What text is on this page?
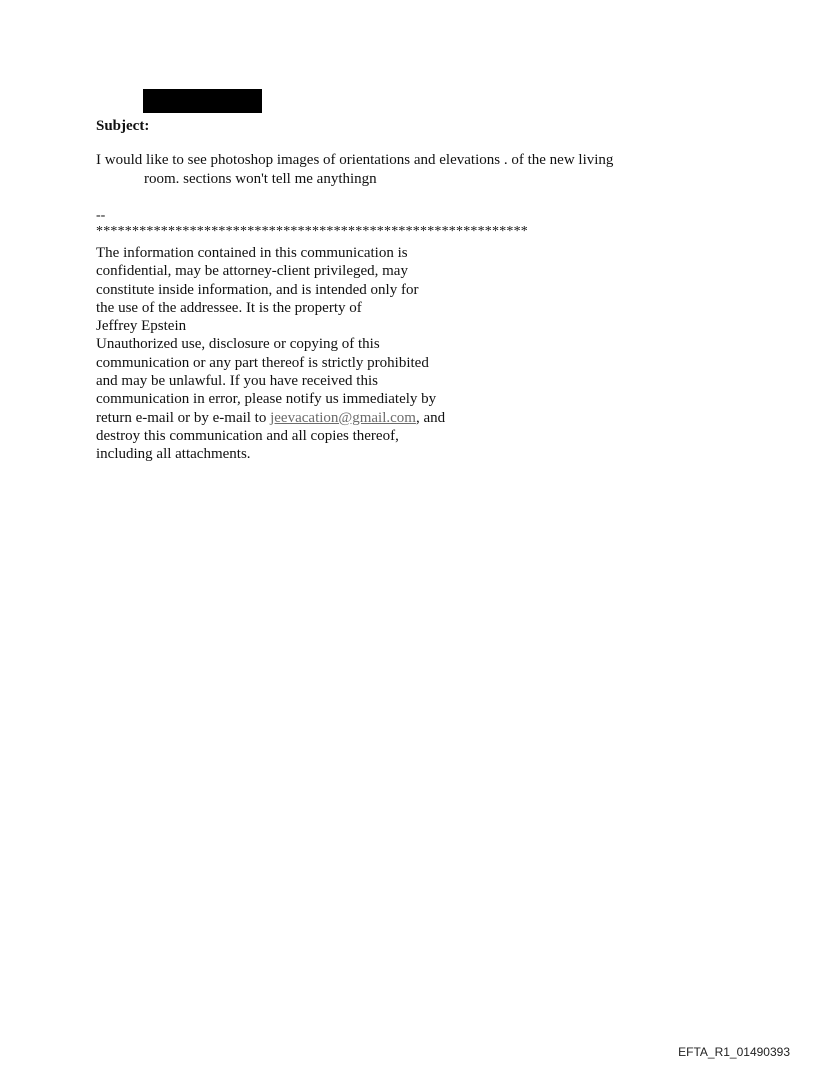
Subject:
I would like to see photoshop images of orientations and elevations . of the new living
room. sections won't tell me anythingn
--
************************************************************
The information contained in this communication is
confidential, may be attorney-client privileged, may
constitute inside information, and is intended only for
the use of the addressee. It is the property of
Jeffrey Epstein
Unauthorized use, disclosure or copying of this
communication or any part thereof is strictly prohibited
and may be unlawful. If you have received this
communication in error, please notify us immediately by
return e-mail or by e-mail to jeevacation@gmail.com, and
destroy this communication and all copies thereof,
including all attachments.
EFTA_R1_01490393
